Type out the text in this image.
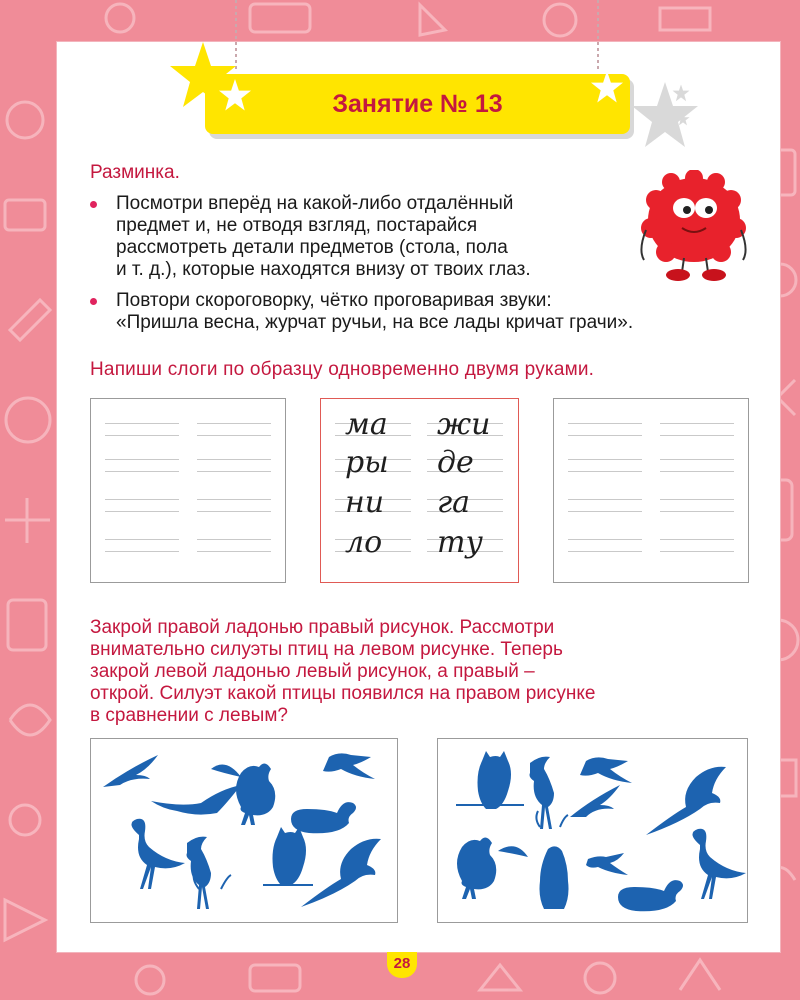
Занятие № 13
Разминка.
Посмотри вперёд на какой-либо отдалённый
предмет и, не отводя взгляд, постарайся
рассмотреть детали предметов (стола, пола
и т. д.), которые находятся внизу от твоих глаз.
Повтори скороговорку, чётко проговаривая звуки:
«Пришла весна, журчат ручьи, на все лады кричат грачи».
Напиши слоги по образцу одновременно двумя руками.
ма жи
ры де
ни га
ло ту
Закрой правой ладонью правый рисунок. Рассмотри
внимательно силуэты птиц на левом рисунке. Теперь
закрой левой ладонью левый рисунок, а правый –
открой. Силуэт какой птицы появился на правом рисунке
в сравнении с левым?
28
